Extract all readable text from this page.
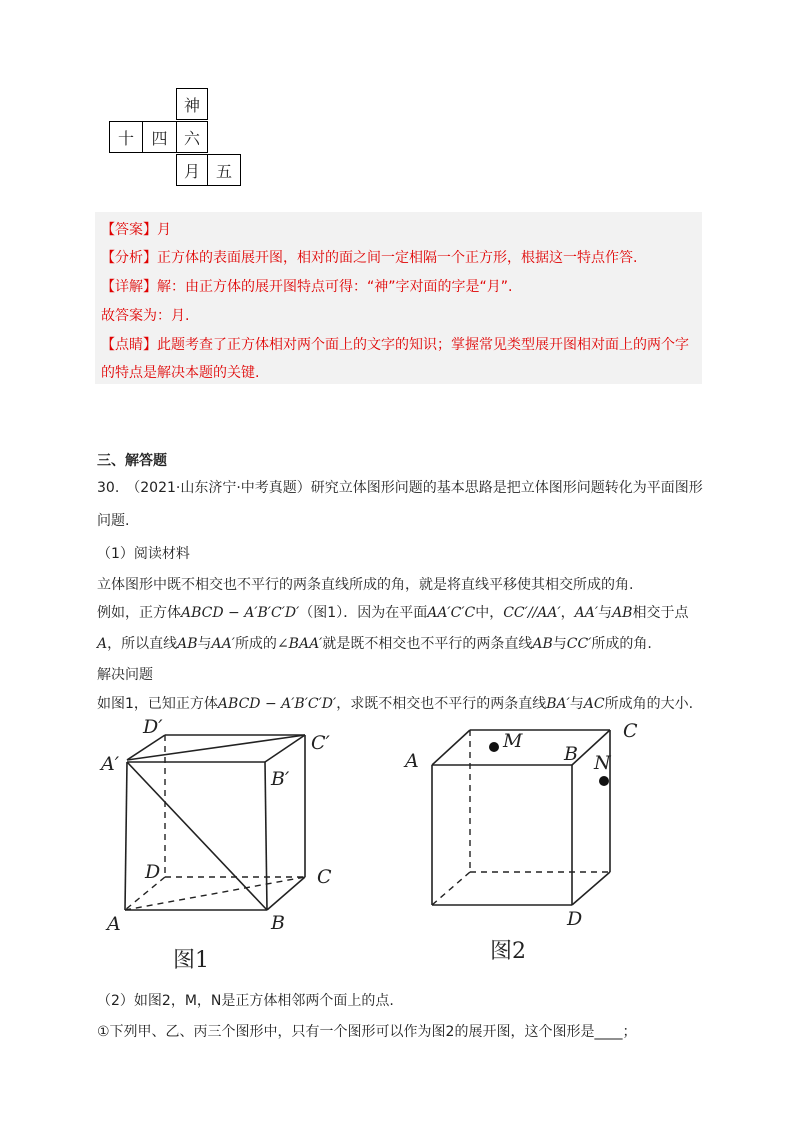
神
十	四	六
月 五
【答案】月
【分析】正方体的表面展开图，相对的面之间一定相隔一个正方形，根据这一特点作答.
【详解】解：由正方体的展开图特点可得：“神”字对面的字是“月”.
故答案为：月.
【点睛】此题考查了正方体相对两个面上的文字的知识；掌握常见类型展开图相对面上的两个字
的特点是解决本题的关键.
三、解答题
30.　（2021·山东济宁·中考真题）研究立体图形问题的基本思路是把立体图形问题转化为平面图形
问题.
（1）阅读材料
立体图形中既不相交也不平行的两条直线所成的角，就是将直线平移使其相交所成的角.
例如，正方体ABCD − A′B′C′D′（图1）．因为在平面AA′C′C中，CC′//AA′，AA′与AB相交于点
A，所以直线AB与AA′所成的∠BAA′就是既不相交也不平行的两条直线AB与CC′所成的角.
解决问题
如图1，已知正方体ABCD − A′B′C′D′，求既不相交也不平行的两条直线BA′与AC所成角的大小.
D′
C′
A′
B′
D	C
A	B
图1
A
M
B
C
N
D
图2
（2）如图2，M，N是正方体相邻两个面上的点.
①下列甲、乙、丙三个图形中，只有一个图形可以作为图2的展开图，这个图形是____；
